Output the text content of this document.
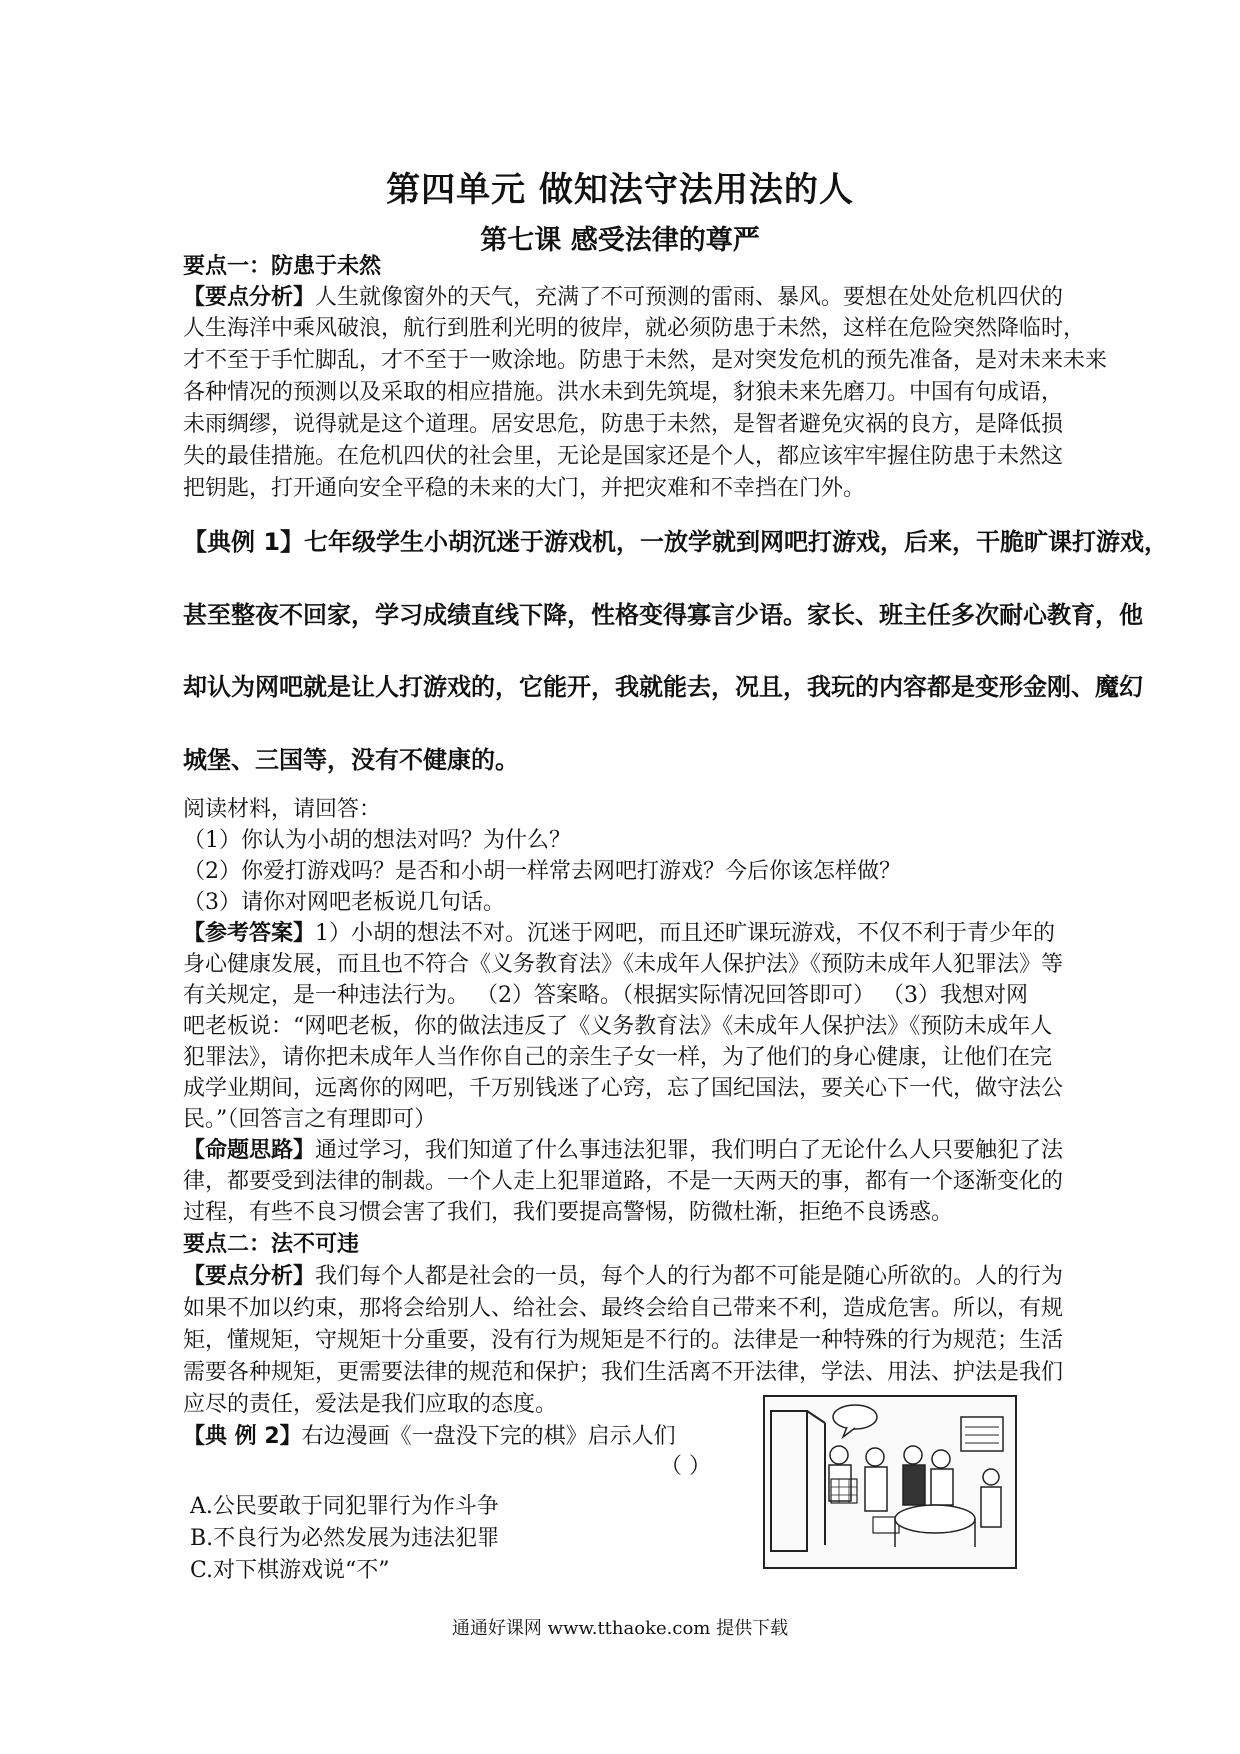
第四单元 做知法守法用法的人
第七课 感受法律的尊严
要点一：防患于未然
【要点分析】人生就像窗外的天气，充满了不可预测的雷雨、暴风。要想在处处危机四伏的
人生海洋中乘风破浪，航行到胜利光明的彼岸，就必须防患于未然，这样在危险突然降临时，
才不至于手忙脚乱，才不至于一败涂地。防患于未然，是对突发危机的预先准备，是对未来未来
各种情况的预测以及采取的相应措施。洪水未到先筑堤，豺狼未来先磨刀。中国有句成语，
未雨绸缪，说得就是这个道理。居安思危，防患于未然，是智者避免灾祸的良方，是降低损
失的最佳措施。在危机四伏的社会里，无论是国家还是个人，都应该牢牢握住防患于未然这
把钥匙，打开通向安全平稳的未来的大门，并把灾难和不幸挡在门外。
【典例 1】七年级学生小胡沉迷于游戏机，一放学就到网吧打游戏，后来，干脆旷课打游戏，
甚至整夜不回家，学习成绩直线下降，性格变得寡言少语。家长、班主任多次耐心教育，他
却认为网吧就是让人打游戏的，它能开，我就能去，况且，我玩的内容都是变形金刚、魔幻
城堡、三国等，没有不健康的。
阅读材料，请回答：
（1）你认为小胡的想法对吗？为什么？
（2）你爱打游戏吗？是否和小胡一样常去网吧打游戏？今后你该怎样做？
（3）请你对网吧老板说几句话。
【参考答案】1）小胡的想法不对。沉迷于网吧，而且还旷课玩游戏，不仅不利于青少年的
身心健康发展，而且也不符合《义务教育法》《未成年人保护法》《预防未成年人犯罪法》等
有关规定，是一种违法行为。 （2）答案略。（根据实际情况回答即可） （3）我想对网
吧老板说：“网吧老板，你的做法违反了《义务教育法》《未成年人保护法》《预防未成年人
犯罪法》，请你把未成年人当作你自己的亲生子女一样，为了他们的身心健康，让他们在完
成学业期间，远离你的网吧，千万别钱迷了心窍，忘了国纪国法，要关心下一代，做守法公
民。”（回答言之有理即可）
【命题思路】通过学习，我们知道了什么事违法犯罪，我们明白了无论什么人只要触犯了法
律，都要受到法律的制裁。一个人走上犯罪道路，不是一天两天的事，都有一个逐渐变化的
过程，有些不良习惯会害了我们，我们要提高警惕，防微杜渐，拒绝不良诱惑。
要点二：法不可违
【要点分析】我们每个人都是社会的一员，每个人的行为都不可能是随心所欲的。人的行为
如果不加以约束，那将会给别人、给社会、最终会给自己带来不利，造成危害。所以，有规
矩，懂规矩，守规矩十分重要，没有行为规矩是不行的。法律是一种特殊的行为规范；生活
需要各种规矩，更需要法律的规范和保护；我们生活离不开法律，学法、用法、护法是我们
应尽的责任，爱法是我们应取的态度。
【典 例 2】右边漫画《一盘没下完的棋》启示人们
（ ）
A.公民要敢于同犯罪行为作斗争
B.不良行为必然发展为违法犯罪
C.对下棋游戏说“不”
通通好课网 www.tthaoke.com 提供下载
